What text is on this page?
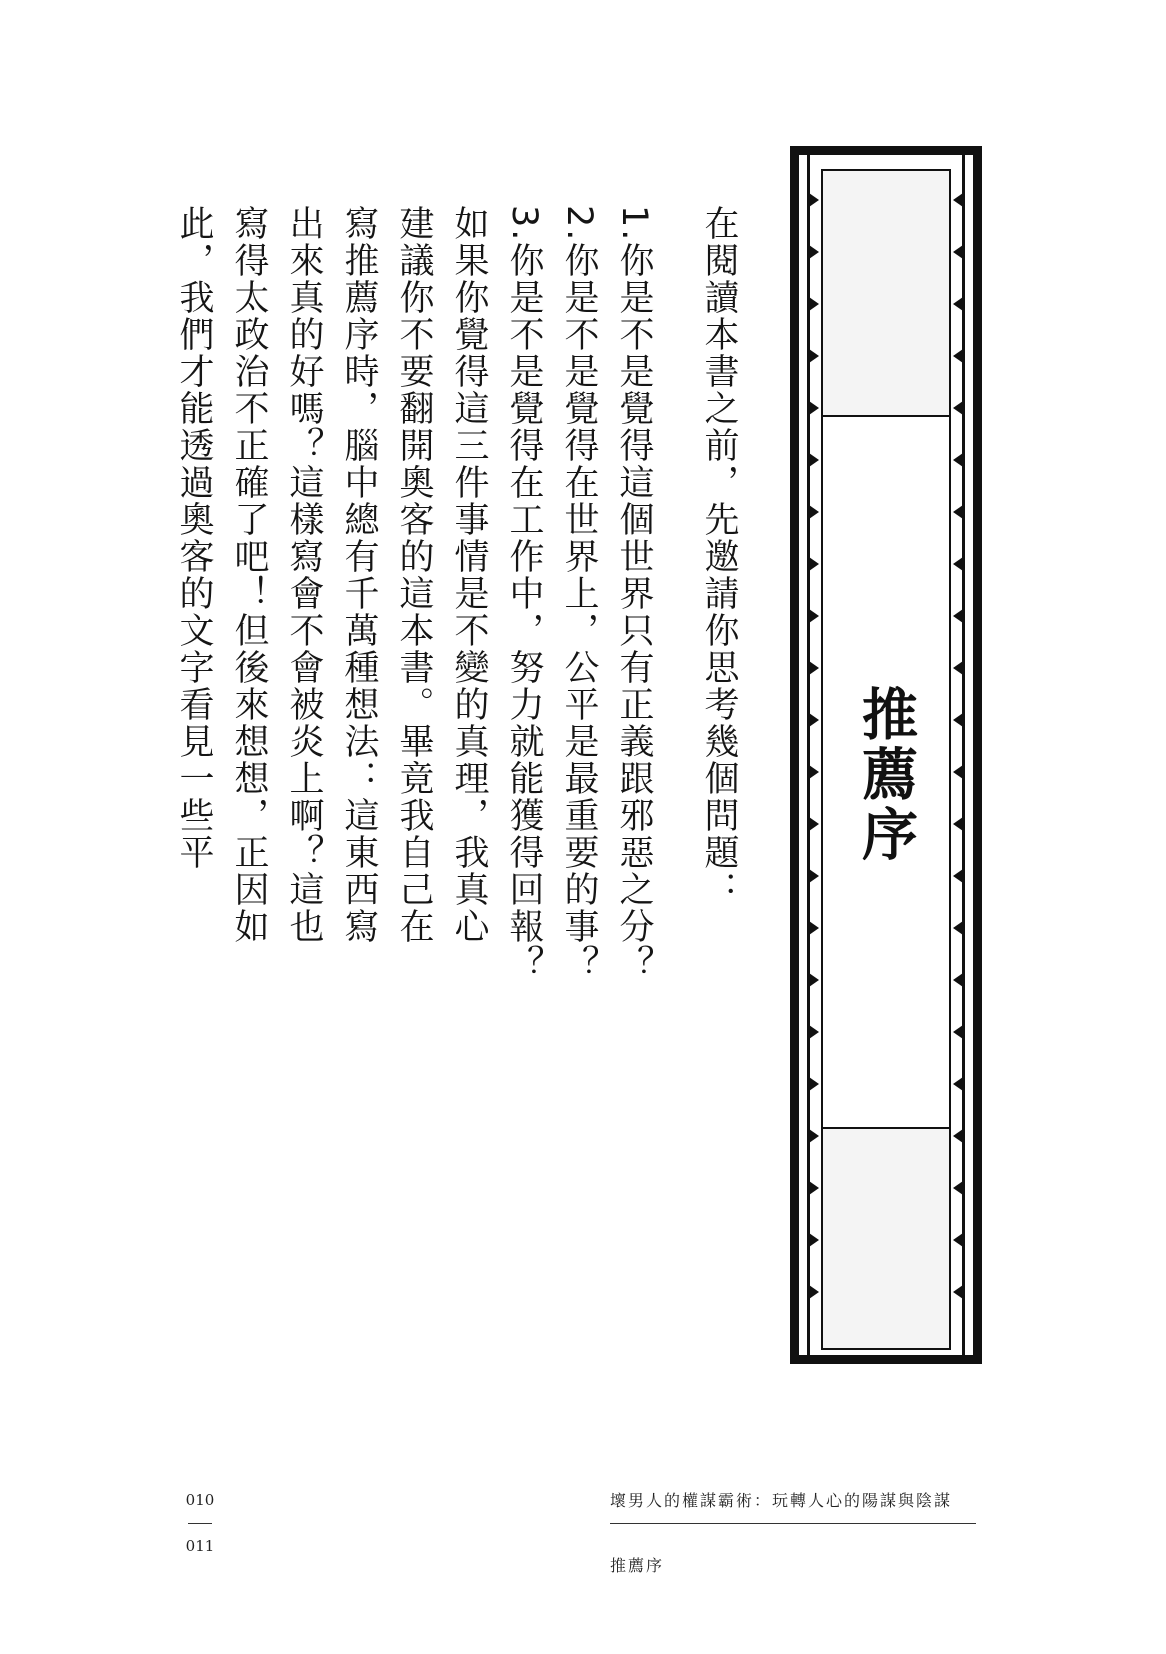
推薦序
在閱讀本書之前，先邀請你思考幾個問題：
1.你是不是覺得這個世界只有正義跟邪惡之分？
2.你是不是覺得在世界上，公平是最重要的事？
3.你是不是覺得在工作中，努力就能獲得回報？
如果你覺得這三件事情是不變的真理，我真心
建議你不要翻開奧客的這本書。畢竟我自己在
寫推薦序時，腦中總有千萬種想法：這東西寫
出來真的好嗎？這樣寫會不會被炎上啊？這也
寫得太政治不正確了吧！但後來想想，正因如
此，我們才能透過奧客的文字看見一些平
010
011
壞男人的權謀霸術：玩轉人心的陽謀與陰謀
推薦序
